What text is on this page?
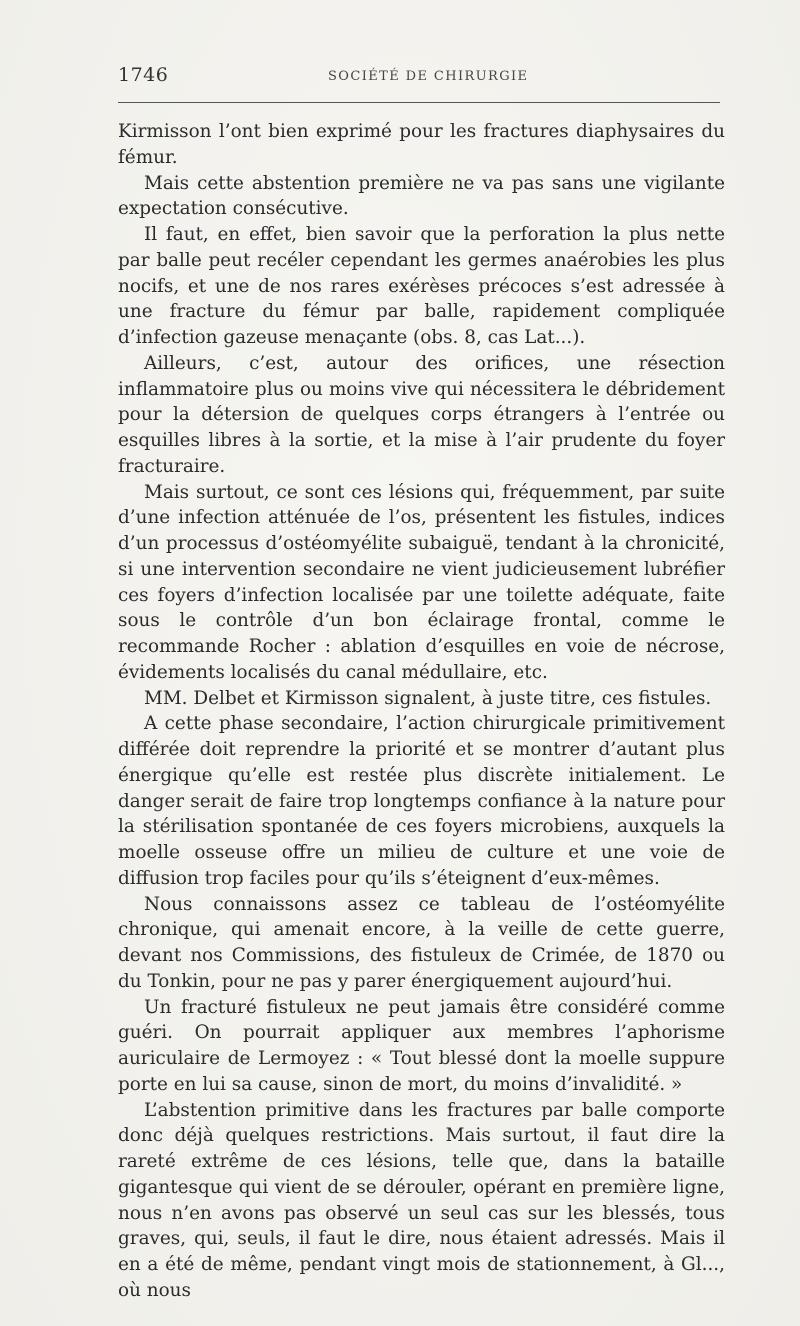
1746	SOCIÉTÉ DE CHIRURGIE

Kirmisson l’ont bien exprimé pour les fractures diaphysaires du fémur.

Mais cette abstention première ne va pas sans une vigilante expectation consécutive.

Il faut, en effet, bien savoir que la perforation la plus nette par balle peut recéler cependant les germes anaérobies les plus nocifs, et une de nos rares exérèses précoces s’est adressée à une fracture du fémur par balle, rapidement compliquée d’infection gazeuse menaçante (obs. 8, cas Lat...).

Ailleurs, c’est, autour des orifices, une résection inflammatoire plus ou moins vive qui nécessitera le débridement pour la détersion de quelques corps étrangers à l’entrée ou esquilles libres à la sortie, et la mise à l’air prudente du foyer fracturaire.

Mais surtout, ce sont ces lésions qui, fréquemment, par suite d’une infection atténuée de l’os, présentent les fistules, indices d’un processus d’ostéomyélite subaiguë, tendant à la chronicité, si une intervention secondaire ne vient judicieusement lubréfier ces foyers d’infection localisée par une toilette adéquate, faite sous le contrôle d’un bon éclairage frontal, comme le recommande Rocher : ablation d’esquilles en voie de nécrose, évidements localisés du canal médullaire, etc.

MM. Delbet et Kirmisson signalent, à juste titre, ces fistules.

A cette phase secondaire, l’action chirurgicale primitivement différée doit reprendre la priorité et se montrer d’autant plus énergique qu’elle est restée plus discrète initialement. Le danger serait de faire trop longtemps confiance à la nature pour la stérilisation spontanée de ces foyers microbiens, auxquels la moelle osseuse offre un milieu de culture et une voie de diffusion trop faciles pour qu’ils s’éteignent d’eux-mêmes.

Nous connaissons assez ce tableau de l’ostéomyélite chronique, qui amenait encore, à la veille de cette guerre, devant nos Commissions, des fistuleux de Crimée, de 1870 ou du Tonkin, pour ne pas y parer énergiquement aujourd’hui.

Un fracturé fistuleux ne peut jamais être considéré comme guéri. On pourrait appliquer aux membres l’aphorisme auriculaire de Lermoyez : « Tout blessé dont la moelle suppure porte en lui sa cause, sinon de mort, du moins d’invalidité. »

L’abstention primitive dans les fractures par balle comporte donc déjà quelques restrictions. Mais surtout, il faut dire la rareté extrême de ces lésions, telle que, dans la bataille gigantesque qui vient de se dérouler, opérant en première ligne, nous n’en avons pas observé un seul cas sur les blessés, tous graves, qui, seuls, il faut le dire, nous étaient adressés. Mais il en a été de même, pendant vingt mois de stationnement, à Gl..., où nous
